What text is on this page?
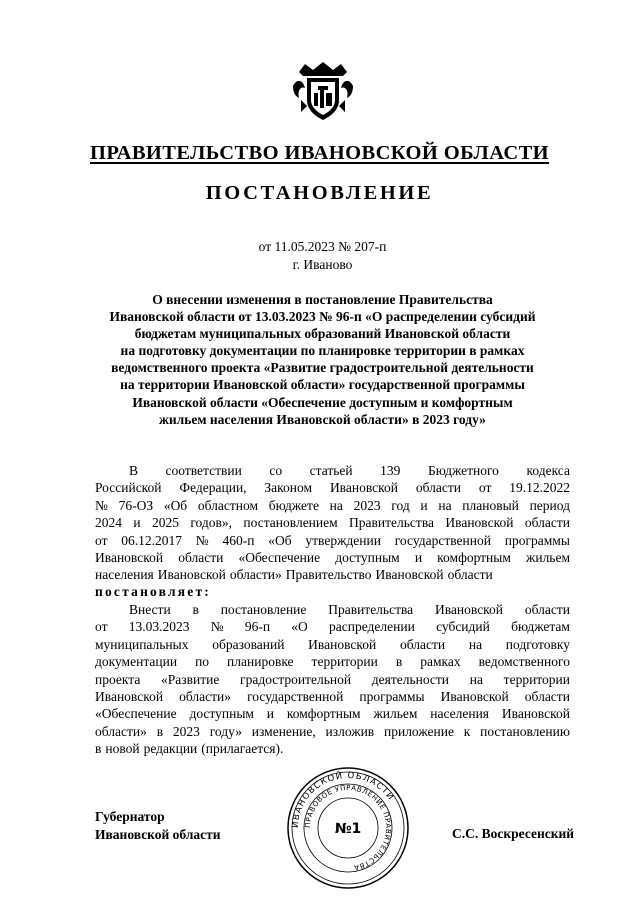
ПРАВИТЕЛЬСТВО ИВАНОВСКОЙ ОБЛАСТИ
ПОСТАНОВЛЕНИЕ
от 11.05.2023 № 207-п
г. Иваново
О внесении изменения в постановление Правительства
Ивановской области от 13.03.2023 № 96-п «О распределении субсидий
бюджетам муниципальных образований Ивановской области
на подготовку документации по планировке территории в рамках
ведомственного проекта «Развитие градостроительной деятельности
на территории Ивановской области» государственной программы
Ивановской области «Обеспечение доступным и комфортным
жильем населения Ивановской области» в 2023 году»
В соответствии со статьей 139 Бюджетного кодекса
Российской Федерации, Законом Ивановской области от 19.12.2022
№ 76-ОЗ «Об областном бюджете на 2023 год и на плановый период
2024 и 2025 годов», постановлением Правительства Ивановской области
от 06.12.2017 № 460-п «Об утверждении государственной программы
Ивановской области «Обеспечение доступным и комфортным жильем
населения Ивановской области» Правительство Ивановской области
постановляет:
Внести в постановление Правительства Ивановской области
от 13.03.2023 № 96-п «О распределении субсидий бюджетам
муниципальных образований Ивановской области на подготовку
документации по планировке территории в рамках ведомственного
проекта «Развитие градостроительной деятельности на территории
Ивановской области» государственной программы Ивановской области
«Обеспечение доступным и комфортным жильем населения Ивановской
области» в 2023 году» изменение, изложив приложение к постановлению
в новой редакции (прилагается).
Губернатор
Ивановской области
ИВАНОВСКОЙ ОБЛАСТИ
ПРАВОВОЕ УПРАВЛЕНИЕ ПРАВИТЕЛЬСТВА
№1	С.С. Воскресенский
